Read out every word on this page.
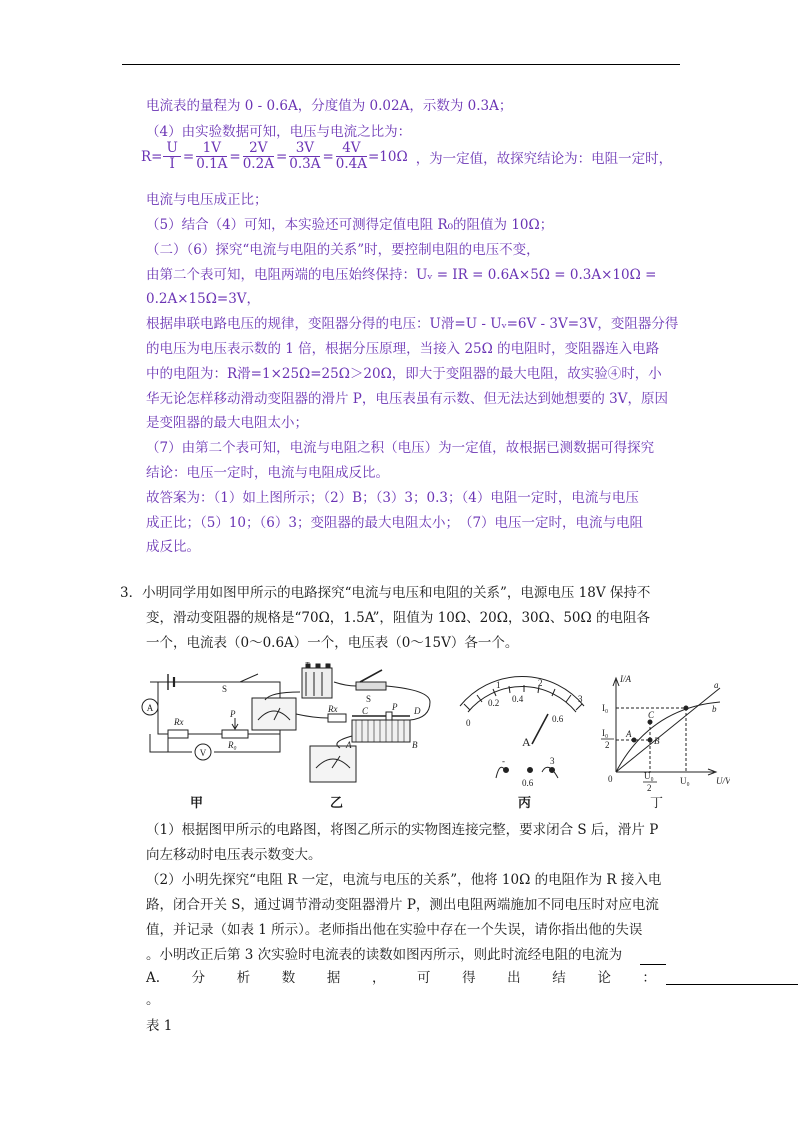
电流表的量程为 0 - 0.6A，分度值为 0.02A，示数为 0.3A；
（4）由实验数据可知，电压与电流之比为：
$R= \frac{U}{I} = \frac{1V}{0.1A} = \frac{2V}{0.2A} = \frac{3V}{0.3A} = \frac{4V}{0.4A} =10\Omega$ ，为一定值，故探究结论为：电阻一定时，
电流与电压成正比；
（5）结合（4）可知，本实验还可测得定值电阻 R₀的阻值为 10Ω；
（二）（6）探究“电流与电阻的关系”时，要控制电阻的电压不变，
由第二个表可知，电阻两端的电压始终保持：Uᵥ = IR = 0.6A×5Ω = 0.3A×10Ω =
0.2A×15Ω=3V，
根据串联电路电压的规律，变阻器分得的电压：U滑=U - Uᵥ=6V - 3V=3V，变阻器分得
的电压为电压表示数的 1 倍，根据分压原理，当接入 25Ω 的电阻时，变阻器连入电路
中的电阻为：R滑=1×25Ω=25Ω＞20Ω，即大于变阻器的最大电阻，故实验④时，小
华无论怎样移动滑动变阻器的滑片 P，电压表虽有示数、但无法达到她想要的 3V，原因
是变阻器的最大电阻太小；
（7）由第二个表可知，电流与电阻之积（电压）为一定值，故根据已测数据可得探究
结论：电压一定时，电流与电阻成反比。
故答案为：（1）如上图所示；（2）B；（3）3；0.3；（4）电阻一定时，电流与电压
成正比；（5）10；（6）3；变阻器的最大电阻太小；　（7）电压一定时，电流与电阻
成反比。
3．小明同学用如图甲所示的电路探究“电流与电压和电阻的关系”，电源电压 18V 保持不
变，滑动变阻器的规格是“70Ω，1.5A”，阻值为 10Ω、20Ω，30Ω、50Ω 的电阻各
一个，电流表（0～0.6A）一个，电压表（0～15V）各一个。
A
V
S
Rx
P
R₀
+ -
S
Rx	C	P D
A	B
0
0.2 0.4
0.6
1	2
3
A
-
0.6
3
I/A
U/V
0
I₀
I₀
2
U₀
U₀
2
A
B
C
a
b
甲	乙	丙	丁
（1）根据图甲所示的电路图，将图乙所示的实物图连接完整，要求闭合 S 后，滑片 P
向左移动时电压表示数变大。
（2）小明先探究“电阻 R 一定，电流与电压的关系”，他将 10Ω 的电阻作为 R 接入电
路，闭合开关 S，通过调节滑动变阻器滑片 P，测出电阻两端施加不同电压时对应电流
值，并记录（如表 1 所示）。老师指出他在实验中存在一个失误，请你指出他的失误
。小明改正后第 3 次实验时电流表的读数如图丙所示，则此时流经电阻的电流为
A. 分 析 数 据 ， 可 得 出 结 论 ：
。
表 1
